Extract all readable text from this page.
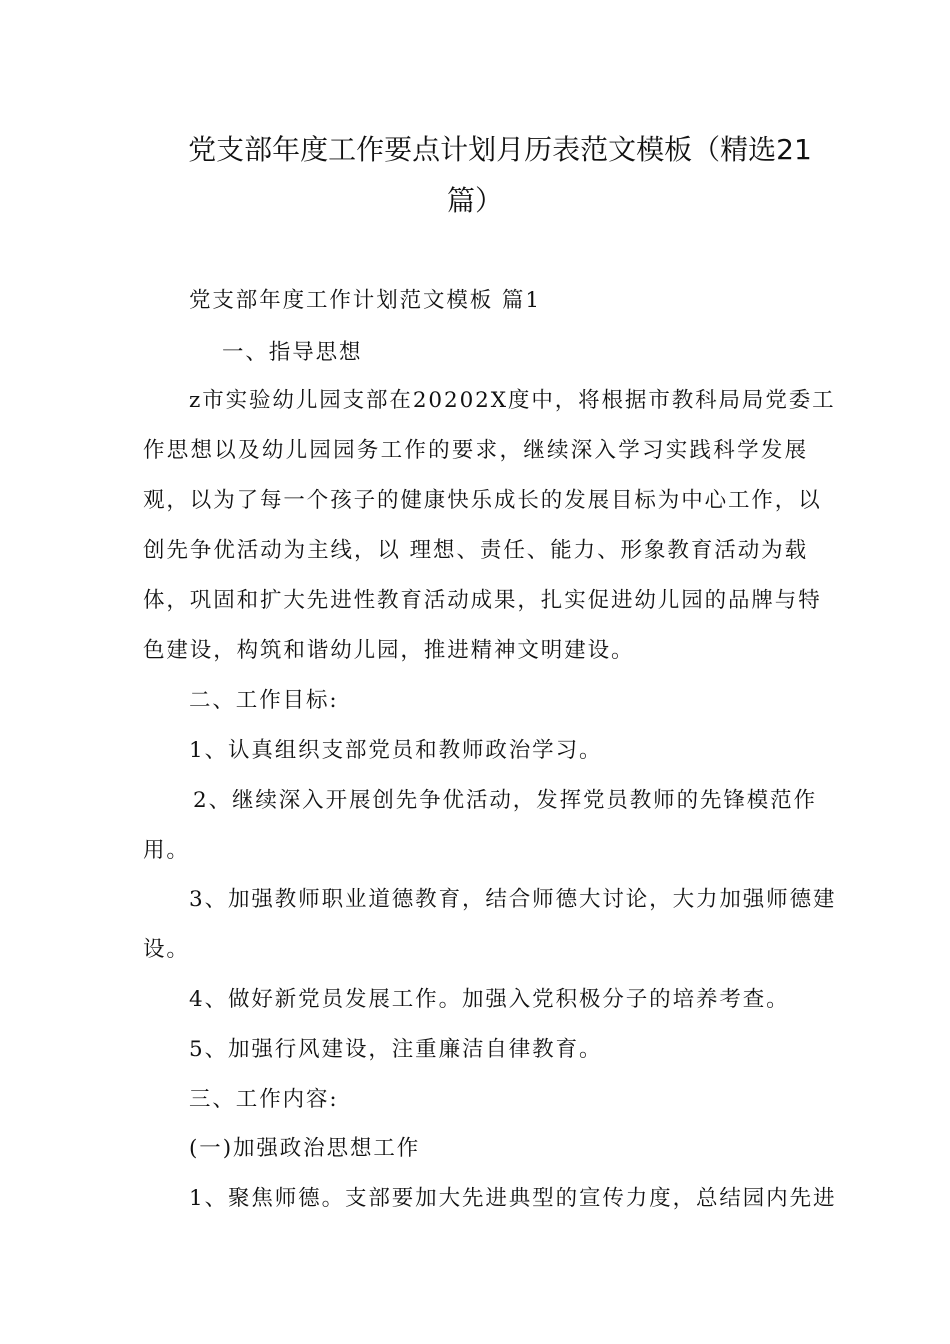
党支部年度工作要点计划月历表范文模板（精选21
篇）
党支部年度工作计划范文模板 篇1
一、指导思想
z市实验幼儿园支部在20202X度中，将根据市教科局局党委工
作思想以及幼儿园园务工作的要求，继续深入学习实践科学发展
观，以为了每一个孩子的健康快乐成长的发展目标为中心工作，以
创先争优活动为主线，以 理想、责任、能力、形象教育活动为载
体，巩固和扩大先进性教育活动成果，扎实促进幼儿园的品牌与特
色建设，构筑和谐幼儿园，推进精神文明建设。
二、工作目标:
1、认真组织支部党员和教师政治学习。
2、继续深入开展创先争优活动，发挥党员教师的先锋模范作
用。
3、加强教师职业道德教育，结合师德大讨论，大力加强师德建
设。
4、做好新党员发展工作。加强入党积极分子的培养考查。
5、加强行风建设，注重廉洁自律教育。
三、工作内容:
(一)加强政治思想工作
1、聚焦师德。支部要加大先进典型的宣传力度，总结园内先进
